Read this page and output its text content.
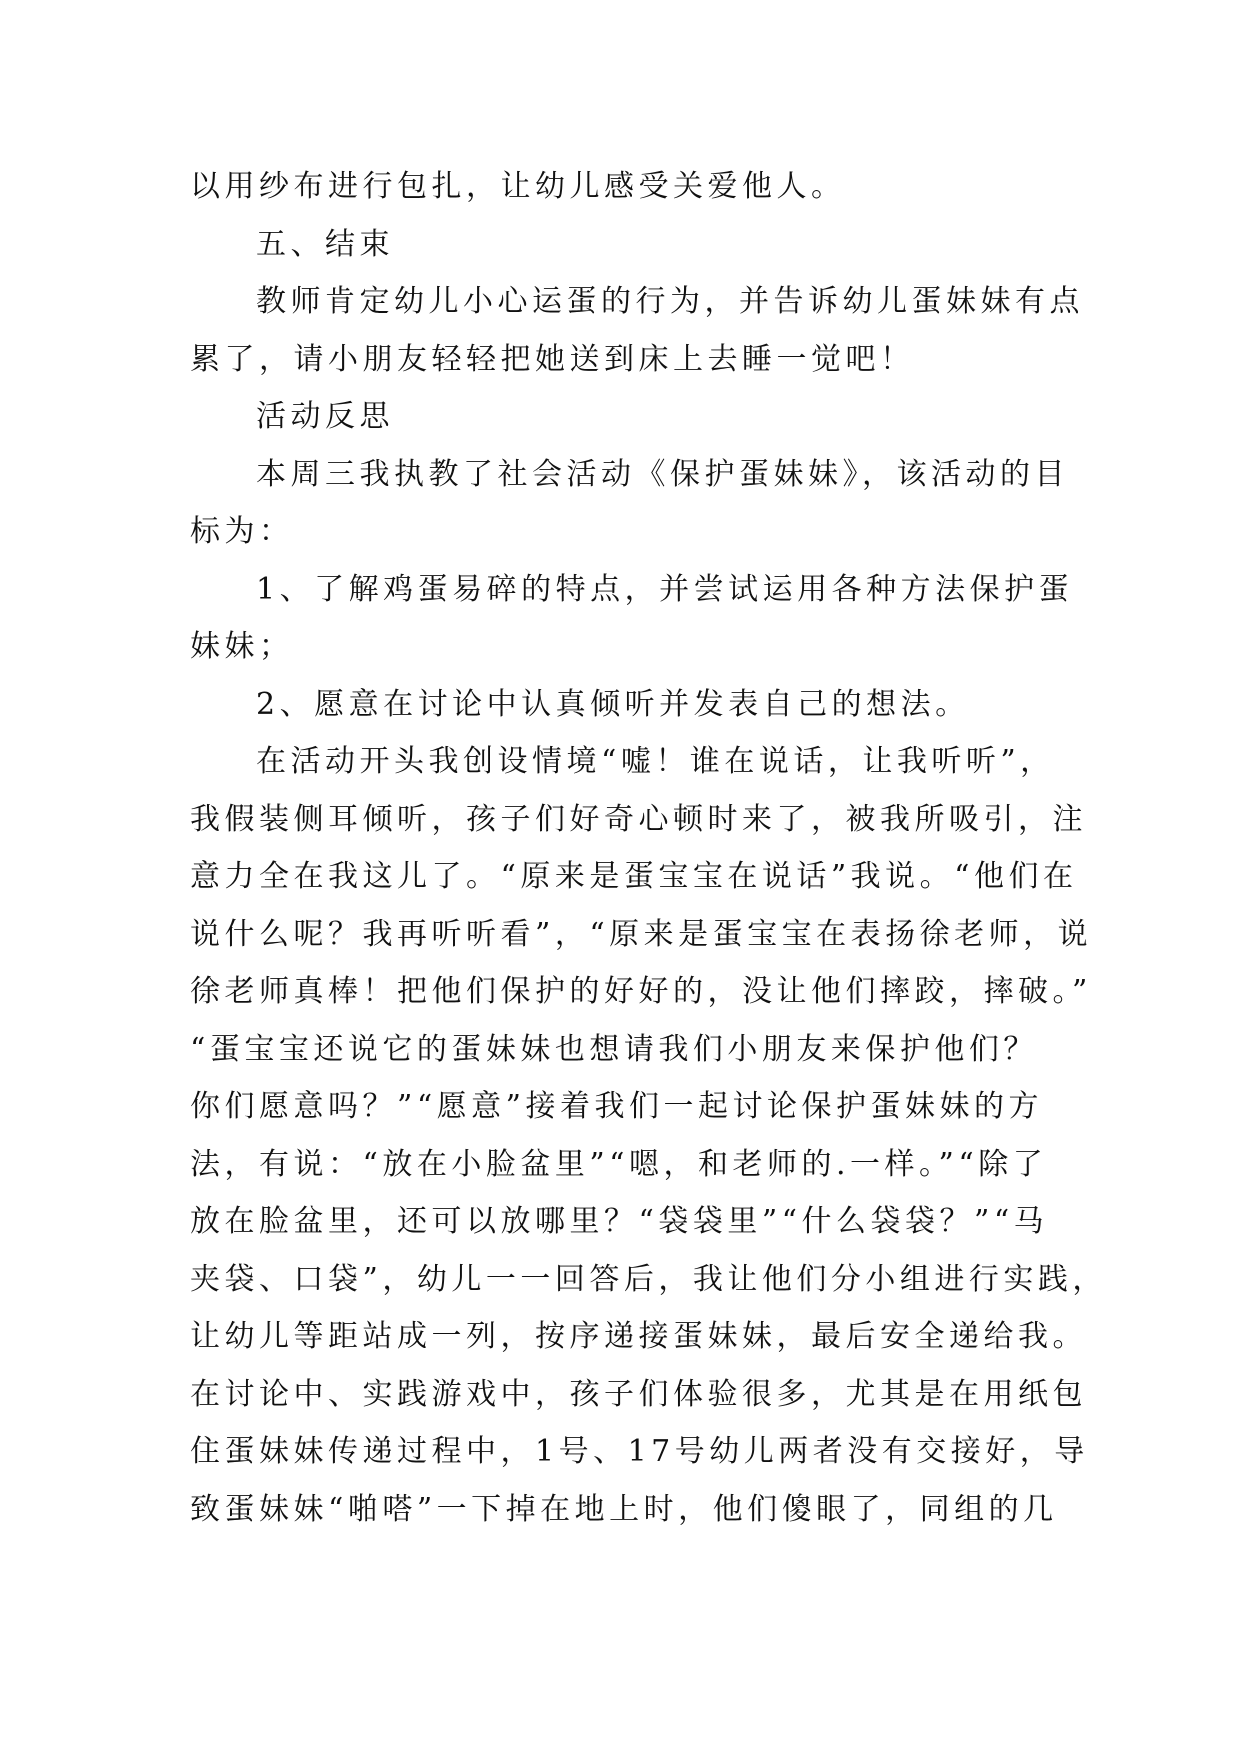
以用纱布进行包扎，让幼儿感受关爱他人。
五、结束
教师肯定幼儿小心运蛋的行为，并告诉幼儿蛋妹妹有点
累了，请小朋友轻轻把她送到床上去睡一觉吧！
活动反思
本周三我执教了社会活动《保护蛋妹妹》，该活动的目
标为：
1、了解鸡蛋易碎的特点，并尝试运用各种方法保护蛋
妹妹；
2、愿意在讨论中认真倾听并发表自己的想法。
在活动开头我创设情境“嘘！谁在说话，让我听听”，
我假装侧耳倾听，孩子们好奇心顿时来了，被我所吸引，注
意力全在我这儿了。“原来是蛋宝宝在说话”我说。“他们在
说什么呢？我再听听看”，“原来是蛋宝宝在表扬徐老师，说
徐老师真棒！把他们保护的好好的，没让他们摔跤，摔破。”
“蛋宝宝还说它的蛋妹妹也想请我们小朋友来保护他们？
你们愿意吗？”“愿意”接着我们一起讨论保护蛋妹妹的方
法，有说：“放在小脸盆里”“嗯，和老师的.一样。”“除了
放在脸盆里，还可以放哪里？“袋袋里”“什么袋袋？”“马
夹袋、口袋”，幼儿一一回答后，我让他们分小组进行实践，
让幼儿等距站成一列，按序递接蛋妹妹，最后安全递给我。
在讨论中、实践游戏中，孩子们体验很多，尤其是在用纸包
住蛋妹妹传递过程中，1号、17号幼儿两者没有交接好，导
致蛋妹妹“啪嗒”一下掉在地上时，他们傻眼了，同组的几
